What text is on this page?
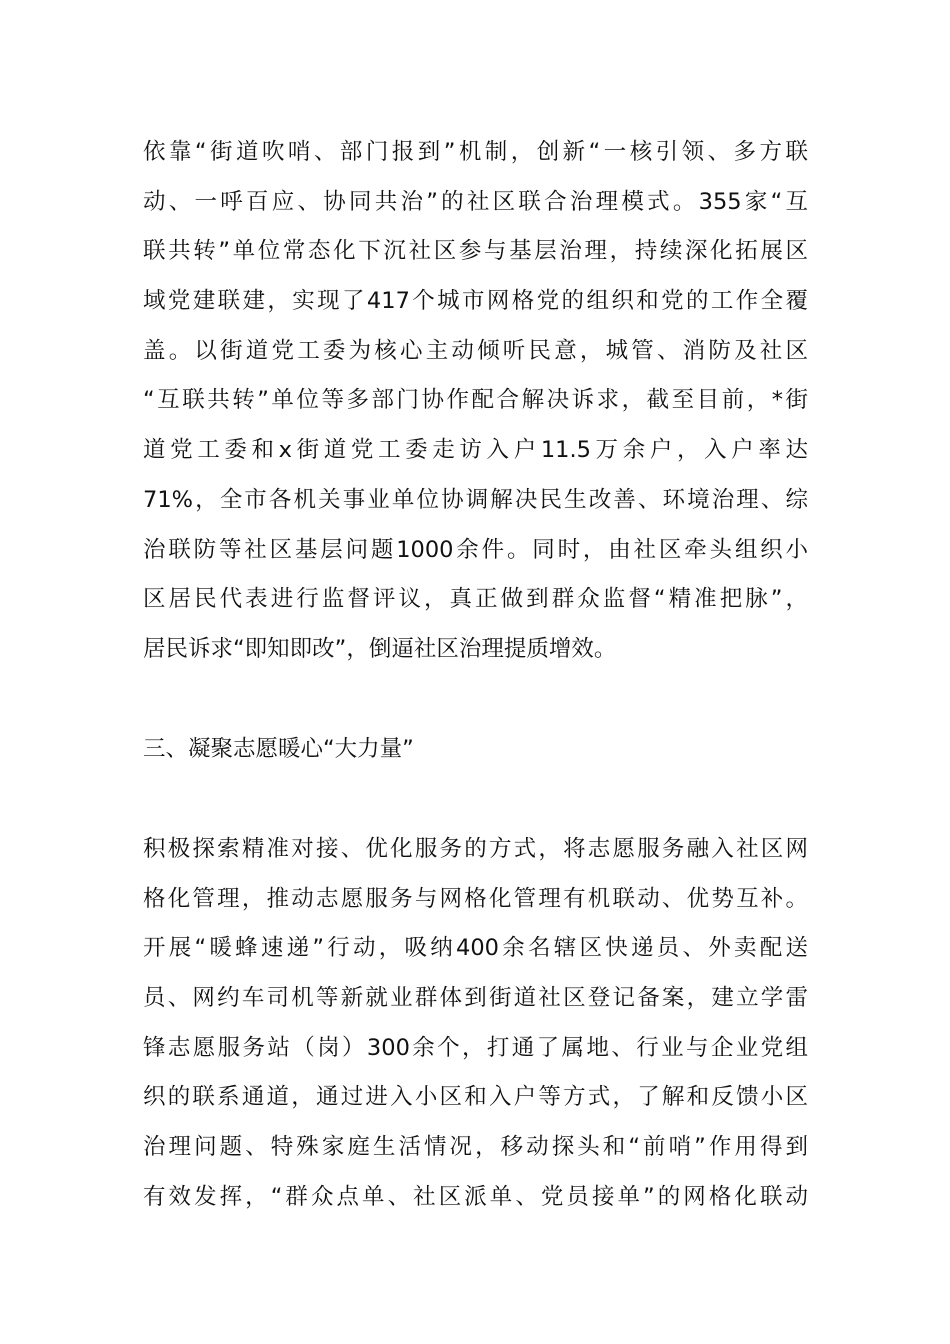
依靠“街道吹哨、部门报到”机制，创新“一核引领、多方联
动、一呼百应、协同共治”的社区联合治理模式。355家“互
联共转”单位常态化下沉社区参与基层治理，持续深化拓展区
域党建联建，实现了417个城市网格党的组织和党的工作全覆
盖。以街道党工委为核心主动倾听民意，城管、消防及社区
“互联共转”单位等多部门协作配合解决诉求，截至目前，*街
道党工委和x街道党工委走访入户11.5万余户，入户率达
71%，全市各机关事业单位协调解决民生改善、环境治理、综
治联防等社区基层问题1000余件。同时，由社区牵头组织小
区居民代表进行监督评议，真正做到群众监督“精准把脉”，
居民诉求“即知即改”，倒逼社区治理提质增效。
三、凝聚志愿暖心“大力量”
积极探索精准对接、优化服务的方式，将志愿服务融入社区网
格化管理，推动志愿服务与网格化管理有机联动、优势互补。
开展“暖蜂速递”行动，吸纳400余名辖区快递员、外卖配送
员、网约车司机等新就业群体到街道社区登记备案，建立学雷
锋志愿服务站（岗）300余个，打通了属地、行业与企业党组
织的联系通道，通过进入小区和入户等方式，了解和反馈小区
治理问题、特殊家庭生活情况，移动探头和“前哨”作用得到
有效发挥，“群众点单、社区派单、党员接单”的网格化联动
